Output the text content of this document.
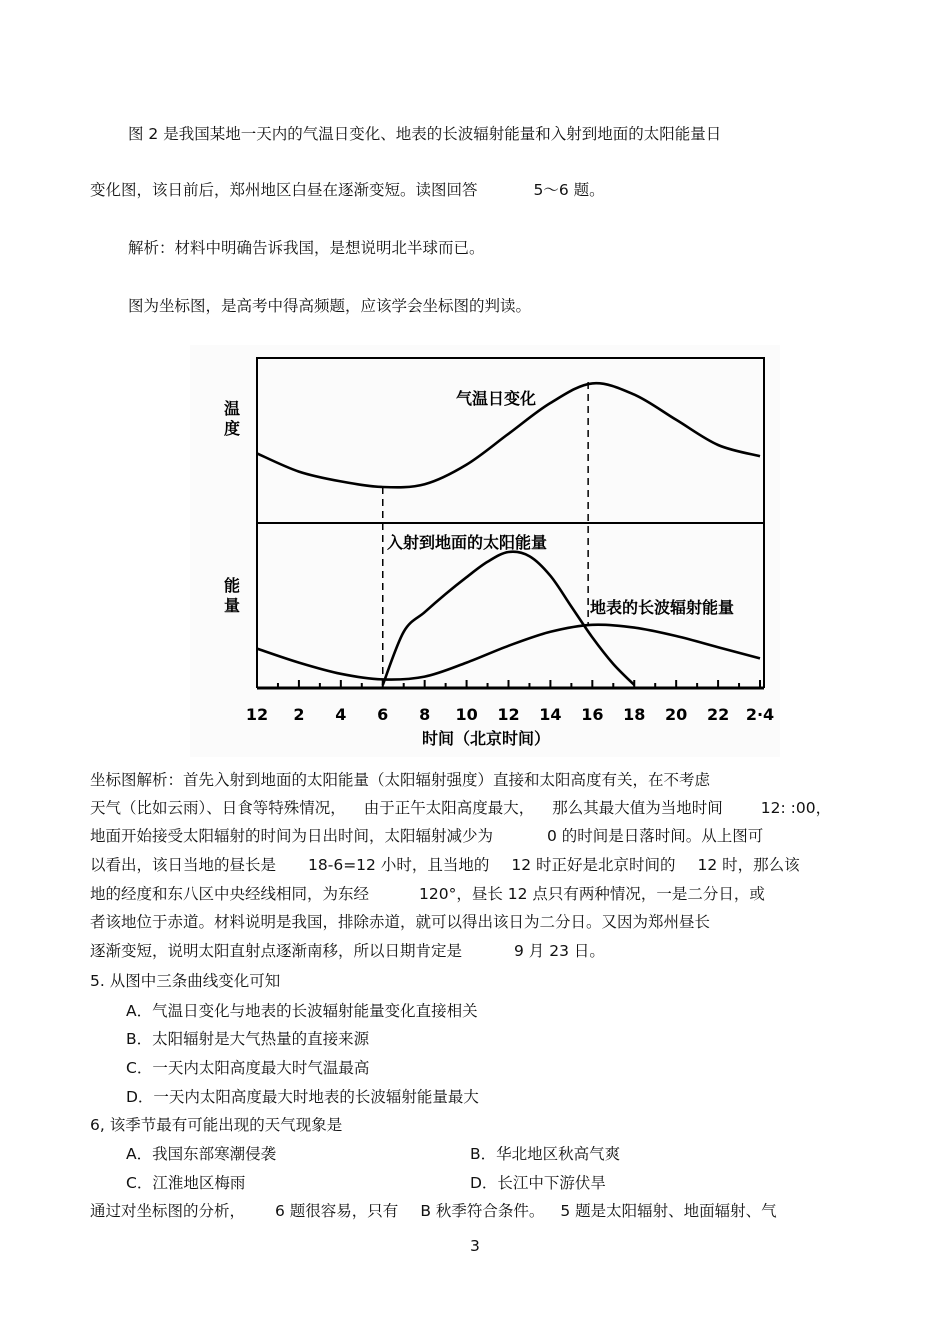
图 2 是我国某地一天内的气温日变化、地表的长波辐射能量和入射到地面的太阳能量日
变化图，该日前后，郑州地区白昼在逐渐变短。读图回答	5～6 题。
解析：材料中明确告诉我国，是想说明北半球而已。
图为坐标图，是高考中得高频题，应该学会坐标图的判读。
12 2 4 6 8 10 12 14 16 18 20 22 2·4
温
度
能
量
气温日变化
入射到地面的太阳能量
地表的长波辐射能量
时间（北京时间）
坐标图解析：首先入射到地面的太阳能量（太阳辐射强度）直接和太阳高度有关，在不考虑
天气（比如云雨）、日食等特殊情况， 由于正午太阳高度最大， 那么其最大值为当地时间 12: :00，
地面开始接受太阳辐射的时间为日出时间，太阳辐射减少为	0 的时间是日落时间。从上图可
以看出，该日当地的昼长是 18-6=12 小时，且当地的 12 时正好是北京时间的 12 时，那么该
地的经度和东八区中央经线相同，为东经	120°，昼长 12 点只有两种情况，一是二分日，或
者该地位于赤道。材料说明是我国，排除赤道，就可以得出该日为二分日。又因为郑州昼长
逐渐变短，说明太阳直射点逐渐南移，所以日期肯定是	9 月 23 日。
5. 从图中三条曲线变化可知
A．气温日变化与地表的长波辐射能量变化直接相关
B．太阳辐射是大气热量的直接来源
C．一天内太阳高度最大时气温最高
D．一天内太阳高度最大时地表的长波辐射能量最大
6, 该季节最有可能出现的天气现象是
A．我国东部寒潮侵袭	B．华北地区秋高气爽
C．江淮地区梅雨	D．长江中下游伏旱
通过对坐标图的分析， 6 题很容易，只有 B 秋季符合条件。 5 题是太阳辐射、地面辐射、气
3
